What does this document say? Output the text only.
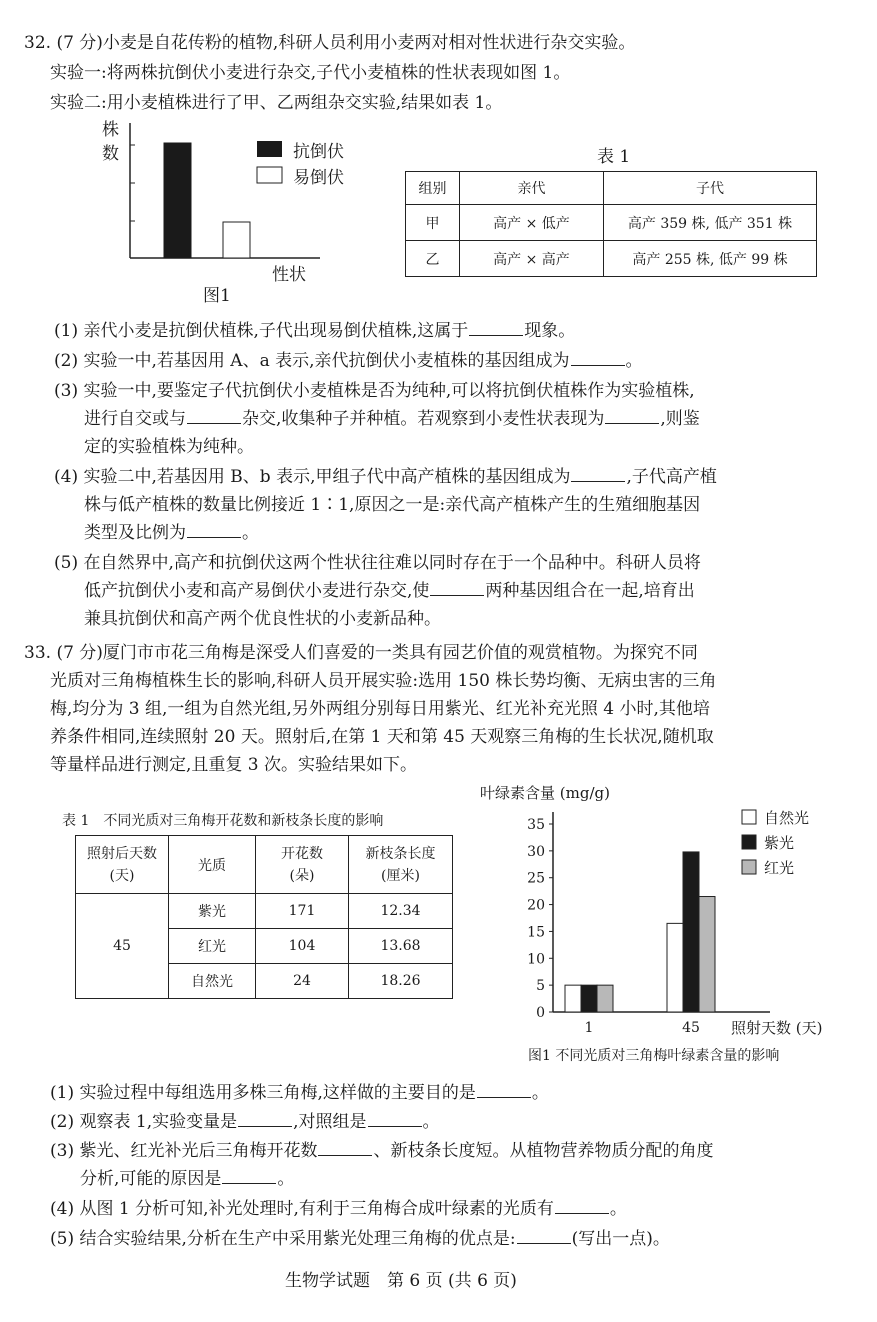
32. (7 分)小麦是自花传粉的植物,科研人员利用小麦两对相对性状进行杂交实验。
实验一:将两株抗倒伏小麦进行杂交,子代小麦植株的性状表现如图 1。
实验二:用小麦植株进行了甲、乙两组杂交实验,结果如表 1。
株数	抗倒伏
易倒伏
性状
图1
表 1
组别	亲代	子代
甲	高产 × 低产	高产 359 株, 低产 351 株
乙	高产 × 高产	高产 255 株, 低产 99 株
(1) 亲代小麦是抗倒伏植株,子代出现易倒伏植株,这属于	现象。
(2) 实验一中,若基因用 A、a 表示,亲代抗倒伏小麦植株的基因组成为	。
(3) 实验一中,要鉴定子代抗倒伏小麦植株是否为纯种,可以将抗倒伏植株作为实验植株,
进行自交或与	杂交,收集种子并种植。若观察到小麦性状表现为	,则鉴
定的实验植株为纯种。
(4) 实验二中,若基因用 B、b 表示,甲组子代中高产植株的基因组成为	,子代高产植
株与低产植株的数量比例接近 1∶1,原因之一是:亲代高产植株产生的生殖细胞基因
类型及比例为	。
(5) 在自然界中,高产和抗倒伏这两个性状往往难以同时存在于一个品种中。科研人员将
低产抗倒伏小麦和高产易倒伏小麦进行杂交,使	两种基因组合在一起,培育出
兼具抗倒伏和高产两个优良性状的小麦新品种。
33. (7 分)厦门市市花三角梅是深受人们喜爱的一类具有园艺价值的观赏植物。为探究不同
光质对三角梅植株生长的影响,科研人员开展实验:选用 150 株长势均衡、无病虫害的三角
梅,均分为 3 组,一组为自然光组,另外两组分别每日用紫光、红光补充光照 4 小时,其他培
养条件相同,连续照射 20 天。照射后,在第 1 天和第 45 天观察三角梅的生长状况,随机取
等量样品进行测定,且重复 3 次。实验结果如下。
表 1　不同光质对三角梅开花数和新枝条长度的影响
照射后天数
(天)	光质	开花数
(朵)	新枝条长度
(厘米)
45	紫光	171	12.34
	红光	104	13.68
	自然光	24	18.26
叶绿素含量 (mg/g)
0
5
10
15
20
25
30
35
1	45 照射天数 (天)
自然光
紫光
红光
图1 不同光质对三角梅叶绿素含量的影响
(1) 实验过程中每组选用多株三角梅,这样做的主要目的是	。
(2) 观察表 1,实验变量是	,对照组是	。
(3) 紫光、红光补光后三角梅开花数	、新枝条长度短。从植物营养物质分配的角度
分析,可能的原因是	。
(4) 从图 1 分析可知,补光处理时,有利于三角梅合成叶绿素的光质有	。
(5) 结合实验结果,分析在生产中采用紫光处理三角梅的优点是:	(写出一点)。
生物学试题　第 6 页 (共 6 页)
